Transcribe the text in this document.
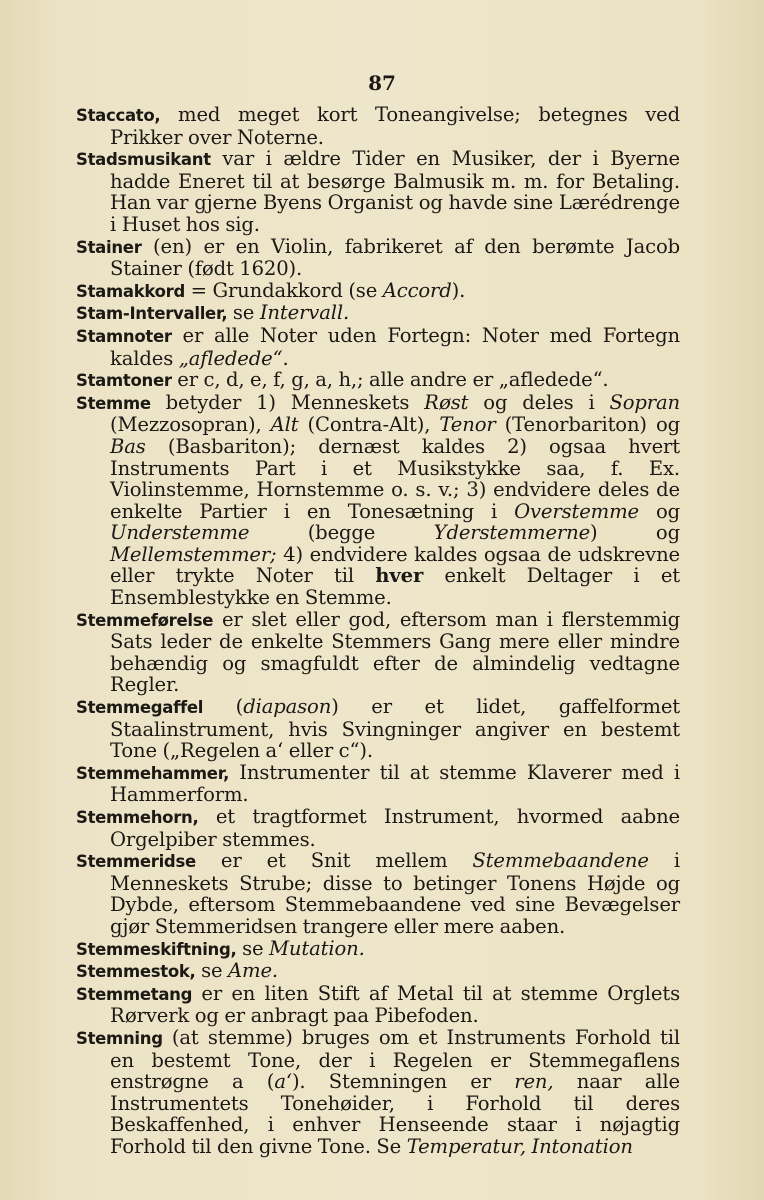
87

Staccato, med meget kort Toneangivelse; betegnes ved Prikker over Noterne.

Stadsmusikant var i ældre Tider en Musiker, der i Byerne hadde Eneret til at besørge Balmusik m. m. for Betaling. Han var gjerne Byens Organist og havde sine Lærédrenge i Huset hos sig.

Stainer (en) er en Violin, fabrikeret af den berømte Jacob Stainer (født 1620).

Stamakkord = Grundakkord (se Accord).

Stam-Intervaller, se Intervall.

Stamnoter er alle Noter uden Fortegn: Noter med Fortegn kaldes „afledede“.

Stamtoner er c, d, e, f, g, a, h,; alle andre er „afledede“.

Stemme betyder 1) Menneskets Røst og deles i Sopran (Mezzosopran), Alt (Contra-Alt), Tenor (Tenorbariton) og Bas (Basbariton); dernæst kaldes 2) ogsaa hvert Instruments Part i et Musikstykke saa, f. Ex. Violinstemme, Hornstemme o. s. v.; 3) endvidere deles de enkelte Partier i en Tonesætning i Overstemme og Understemme (begge Yderstemmerne) og Mellemstemmer; 4) endvidere kaldes ogsaa de udskrevne eller trykte Noter til hver enkelt Deltager i et Ensemblestykke en Stemme.

Stemmeførelse er slet eller god, eftersom man i flerstemmig Sats leder de enkelte Stemmers Gang mere eller mindre behændig og smagfuldt efter de almindelig vedtagne Regler.

Stemmegaffel (diapason) er et lidet, gaffelformet Staalinstrument, hvis Svingninger angiver en bestemt Tone („Regelen a‘ eller c“).

Stemmehammer, Instrumenter til at stemme Klaverer med i Hammerform.

Stemmehorn, et tragtformet Instrument, hvormed aabne Orgelpiber stemmes.

Stemmeridse er et Snit mellem Stemmebaandene i Menneskets Strube; disse to betinger Tonens Højde og Dybde, eftersom Stemmebaandene ved sine Bevægelser gjør Stemmeridsen trangere eller mere aaben.

Stemmeskiftning, se Mutation.

Stemmestok, se Ame.

Stemmetang er en liten Stift af Metal til at stemme Orglets Rørverk og er anbragt paa Pibefoden.

Stemning (at stemme) bruges om et Instruments Forhold til en bestemt Tone, der i Regelen er Stemmegaflens enstrøgne a (a‘). Stemningen er ren, naar alle Instrumentets Tonehøider, i Forhold til deres Beskaffenhed, i enhver Henseende staar i nøjagtig Forhold til den givne Tone. Se Temperatur, Intonation
